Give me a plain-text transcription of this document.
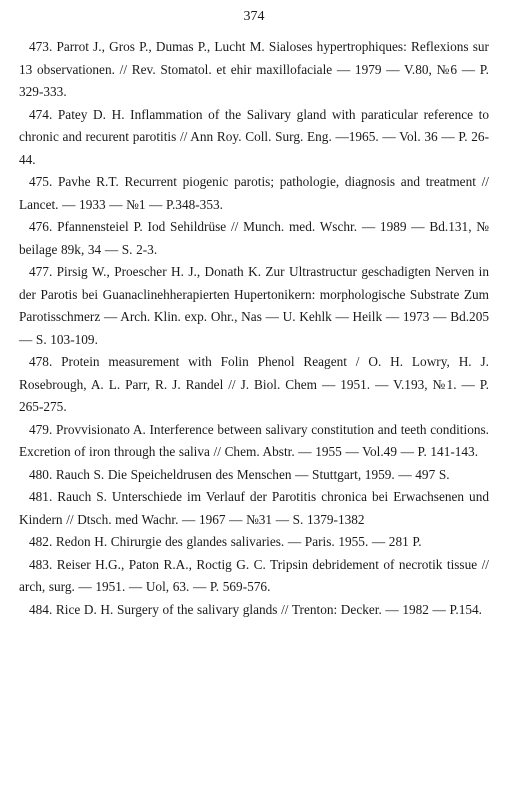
374

473. Parrot J., Gros P., Dumas P., Lucht M. Sialoses hypertrophiques: Reflexions sur 13 observationen. // Rev. Stomatol. et ehir maxillofaciale — 1979 — V.80, №6 — P. 329-333.

474. Patey D. H. Inflammation of the Salivary gland with paraticular reference to chronic and recurent parotitis // Ann Roy. Coll. Surg. Eng. —1965. — Vol. 36 — P. 26-44.

475. Pavhe R.T. Recurrent piogenic parotis; pathologie, diagnosis and treatment // Lancet. — 1933 — №1 — P.348-353.

476. Pfannensteiel P. Iod Sehildrüse // Munch. med. Wschr. — 1989 — Bd.131, № beilage 89k, 34 — S. 2-3.

477. Pirsig W., Proescher H. J., Donath K. Zur Ultrastructur geschadigten Nerven in der Parotis bei Guanaclinehherapierten Hupertonikern: morphologische Substrate Zum Parotisschmerz — Arch. Klin. exp. Ohr., Nas — U. Kehlk — Heilk — 1973 — Bd.205 — S. 103-109.

478. Protein measurement with Folin Phenol Reagent / O. H. Lowry, H. J. Rosebrough, A. L. Parr, R. J. Randel // J. Biol. Chem — 1951. — V.193, №1. — P. 265-275.

479. Provvisionato A. Interference between salivary constitution and teeth conditions. Excretion of iron through the saliva // Chem. Abstr. — 1955 — Vol.49 — P. 141-143.

480. Rauch S. Die Speicheldrusen des Menschen — Stuttgart, 1959. — 497 S.

481. Rauch S. Unterschiede im Verlauf der Parotitis chronica bei Erwachsenen und Kindern // Dtsch. med Wachr. — 1967 — №31 — S. 1379-1382

482. Redon H. Chirurgie des glandes salivaries. — Paris. 1955. — 281 P.

483. Reiser H.G., Paton R.A., Roctig G. C. Tripsin debridement of necrotik tissue // arch, surg. — 1951. — Uol, 63. — P. 569-576.

484. Rice D. H. Surgery of the salivary glands // Trenton: Decker. — 1982 — P.154.
